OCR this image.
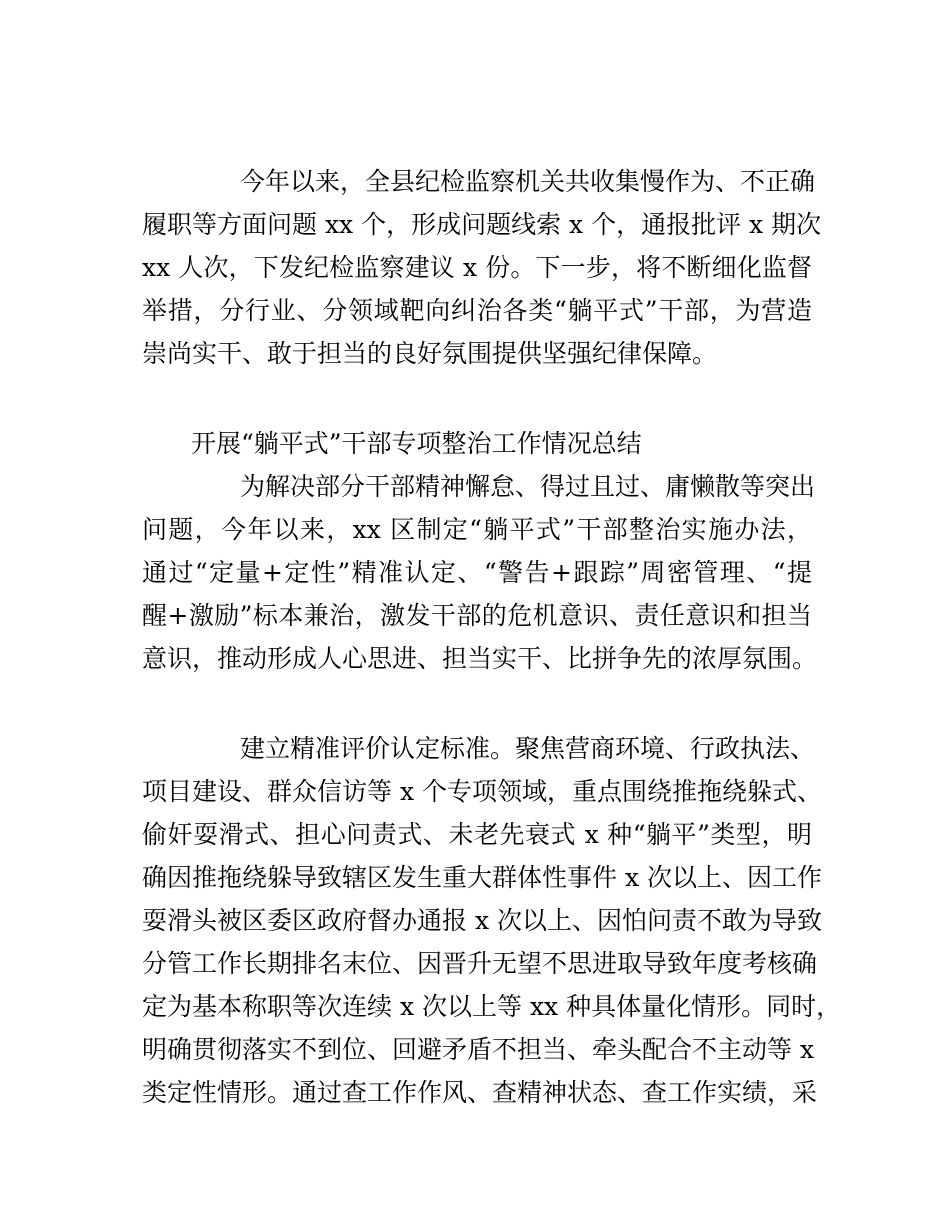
今年以来，全县纪检监察机关共收集慢作为、不正确
履职等方面问题 xx 个，形成问题线索 x 个，通报批评 x 期次
xx 人次，下发纪检监察建议 x 份。下一步，将不断细化监督
举措，分行业、分领域靶向纠治各类“躺平式”干部，为营造
崇尚实干、敢于担当的良好氛围提供坚强纪律保障。
开展“躺平式”干部专项整治工作情况总结
为解决部分干部精神懈怠、得过且过、庸懒散等突出
问题，今年以来，xx 区制定“躺平式”干部整治实施办法，
通过“定量+定性”精准认定、“警告+跟踪”周密管理、“提
醒+激励”标本兼治，激发干部的危机意识、责任意识和担当
意识，推动形成人心思进、担当实干、比拼争先的浓厚氛围。
建立精准评价认定标准。聚焦营商环境、行政执法、
项目建设、群众信访等 x 个专项领域，重点围绕推拖绕躲式、
偷奸耍滑式、担心问责式、未老先衰式 x 种“躺平”类型，明
确因推拖绕躲导致辖区发生重大群体性事件 x 次以上、因工作
耍滑头被区委区政府督办通报 x 次以上、因怕问责不敢为导致
分管工作长期排名末位、因晋升无望不思进取导致年度考核确
定为基本称职等次连续 x 次以上等 xx 种具体量化情形。同时，
明确贯彻落实不到位、回避矛盾不担当、牵头配合不主动等 x
类定性情形。通过查工作作风、查精神状态、查工作实绩，采
